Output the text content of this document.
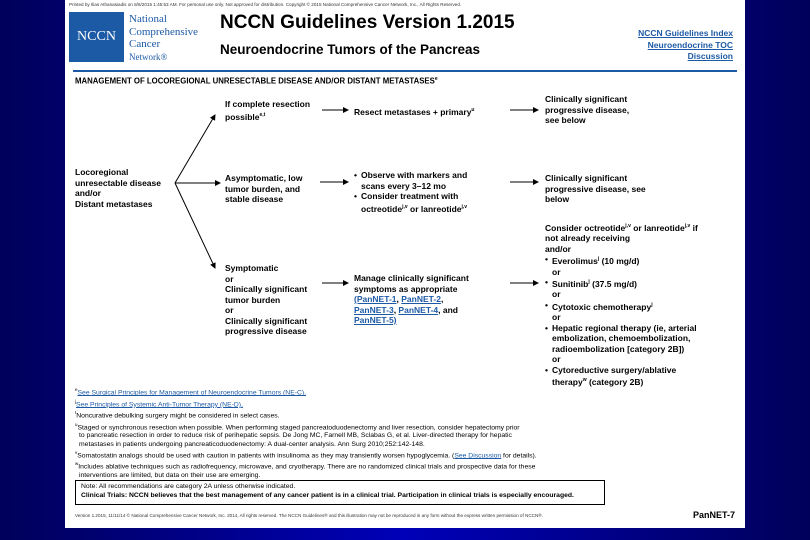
Printed by Ilias Athanasiadis on 8/6/2015 1:45:53 AM. For personal use only. Not approved for distribution. Copyright © 2015 National Comprehensive Cancer Network, Inc., All Rights Reserved.
NCCN
National
Comprehensive
Cancer
Network®
NCCN Guidelines Version 1.2015
Neuroendocrine Tumors of the Pancreas
NCCN Guidelines Index
Neuroendocrine TOC
Discussion
MANAGEMENT OF LOCOREGIONAL UNRESECTABLE DISEASE AND/OR DISTANT METASTASES$^e$
Locoregional
unresectable disease
and/or
Distant metastases
If complete resection
possible$^{e,t}$	Resect metastases + primary$^u$
Clinically significant
progressive disease,
see below
Asymptomatic, low
tumor burden, and
stable disease
• Observe with markers and
scans every 3–12 mo
• Consider treatment with
octreotide$^{j,v}$ or lanreotide$^{j,v}$
Clinically significant
progressive disease, see
below
Symptomatic
or
Clinically significant
tumor burden
or
Clinically significant
progressive disease
Manage clinically significant
symptoms as appropriate
(PanNET-1, PanNET-2,
PanNET-3, PanNET-4, and
PanNET-5)
Consider octreotide$^{j,v}$ or lanreotide$^{j,v}$ if
not already receiving
and/or
• Everolimus$^j$ (10 mg/d)
or
• Sunitinib$^j$ (37.5 mg/d)
or
• Cytotoxic chemotherapy$^j$
or
• Hepatic regional therapy (ie, arterial
embolization, chemoembolization,
radioembolization [category 2B])
or
• Cytoreductive surgery/ablative
therapy$^w$ (category 2B)
$^e$See Surgical Principles for Management of Neuroendocrine Tumors (NE-C).
$^j$See Principles of Systemic Anti-Tumor Therapy (NE-D).
$^t$Noncurative debulking surgery might be considered in select cases.
$^u$Staged or synchronous resection when possible. When performing staged pancreatoduodenectomy and liver resection, consider hepatectomy prior
to pancreatic resection in order to reduce risk of perihepatic sepsis. De Jong MC, Farnell MB, Sclabas G, et al. Liver-directed therapy for hepatic
metastases in patients undergoing pancreaticoduodenectomy: A dual-center analysis. Ann Surg 2010;252:142-148.
$^v$Somatostatin analogs should be used with caution in patients with insulinoma as they may transiently worsen hypoglycemia. (See Discussion for details).
$^w$Includes ablative techniques such as radiofrequency, microwave, and cryotherapy. There are no randomized clinical trials and prospective data for these
interventions are limited, but data on their use are emerging.
Note: All recommendations are category 2A unless otherwise indicated.
Clinical Trials: NCCN believes that the best management of any cancer patient is in a clinical trial. Participation in clinical trials is especially encouraged.
Version 1.2015, 11/11/14 © National Comprehensive Cancer Network, Inc. 2014, All rights reserved. The NCCN Guidelines® and this illustration may not be reproduced in any form without the express written permission of NCCN®.	PanNET-7
